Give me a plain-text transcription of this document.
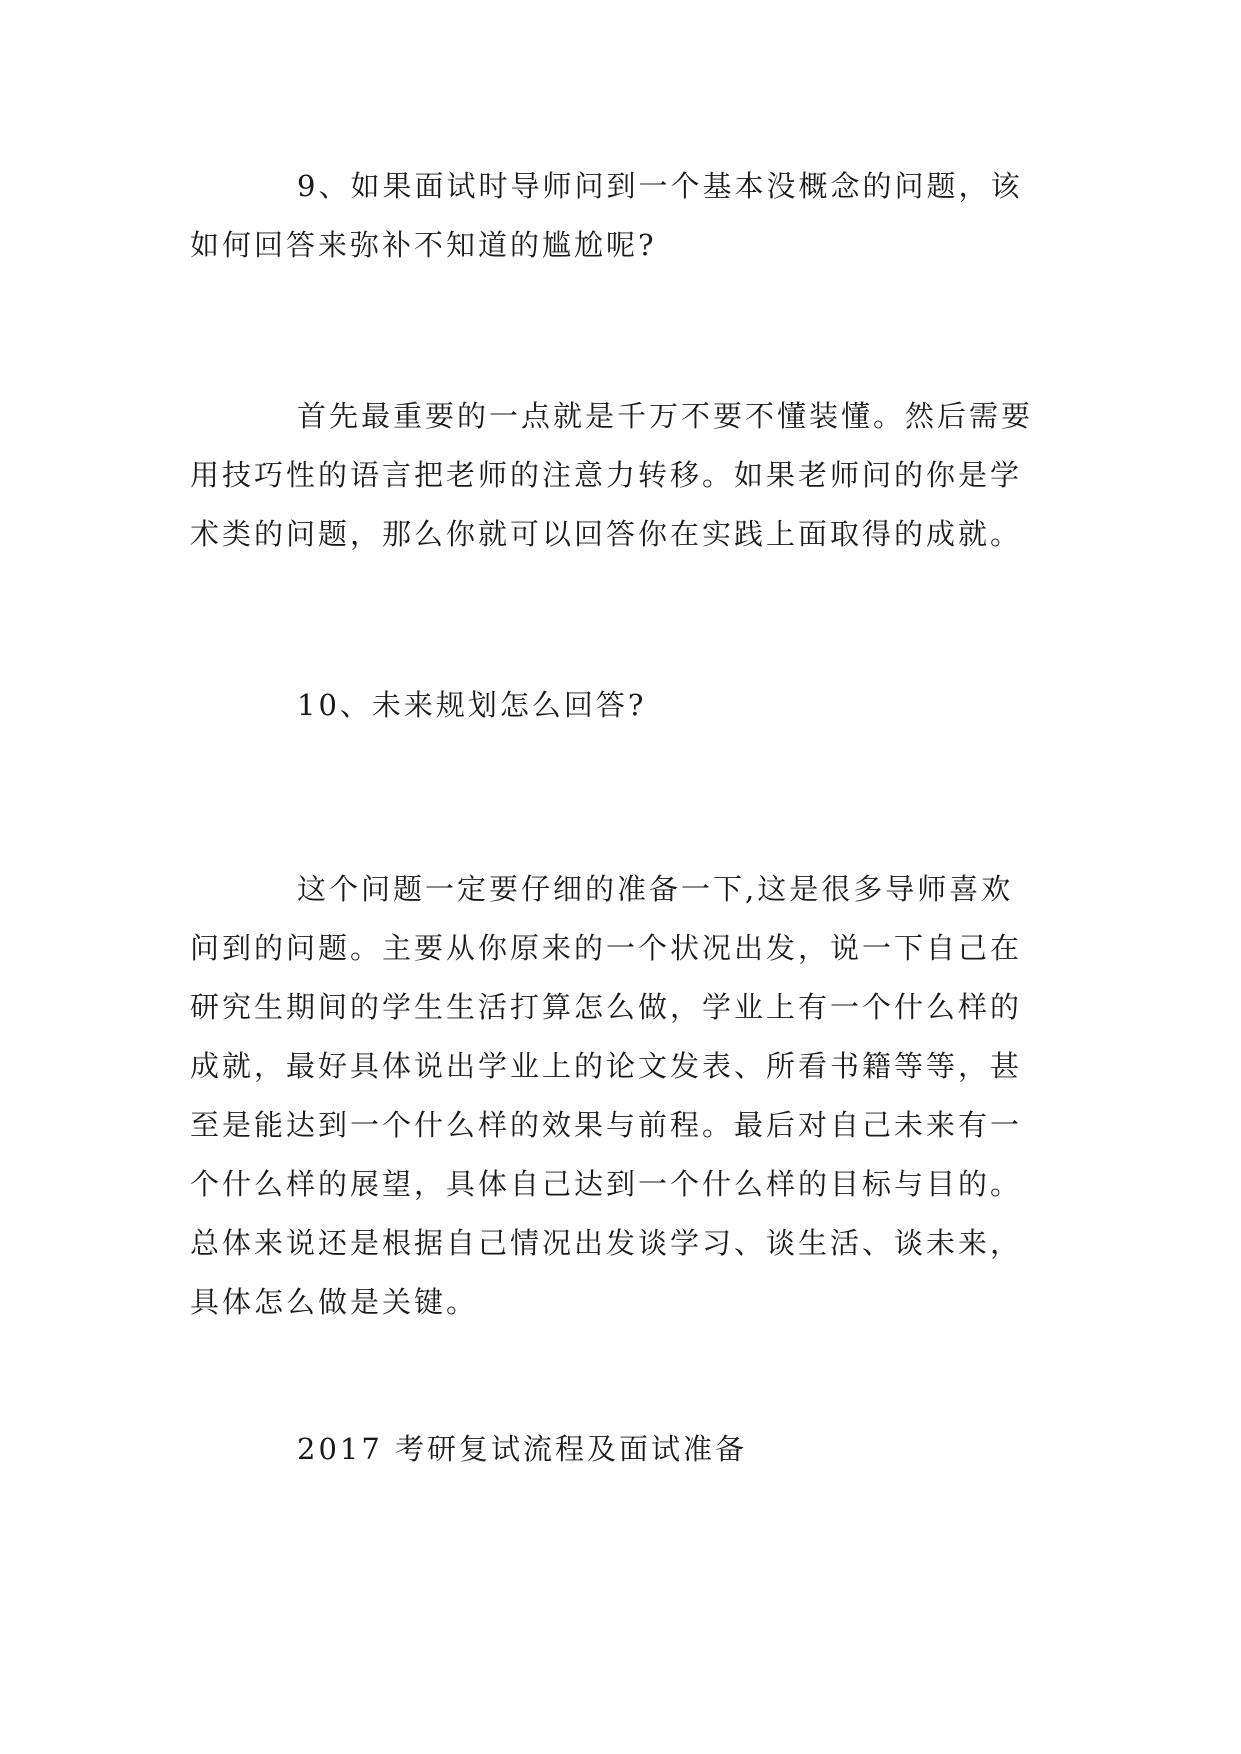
9、如果面试时导师问到一个基本没概念的问题，该
如何回答来弥补不知道的尴尬呢?

首先最重要的一点就是千万不要不懂装懂。然后需要
用技巧性的语言把老师的注意力转移。如果老师问的你是学
术类的问题，那么你就可以回答你在实践上面取得的成就。

10、未来规划怎么回答?

这个问题一定要仔细的准备一下,这是很多导师喜欢
问到的问题。主要从你原来的一个状况出发，说一下自己在
研究生期间的学生生活打算怎么做，学业上有一个什么样的
成就，最好具体说出学业上的论文发表、所看书籍等等，甚
至是能达到一个什么样的效果与前程。最后对自己未来有一
个什么样的展望，具体自己达到一个什么样的目标与目的。
总体来说还是根据自己情况出发谈学习、谈生活、谈未来，
具体怎么做是关键。

2017 考研复试流程及面试准备
